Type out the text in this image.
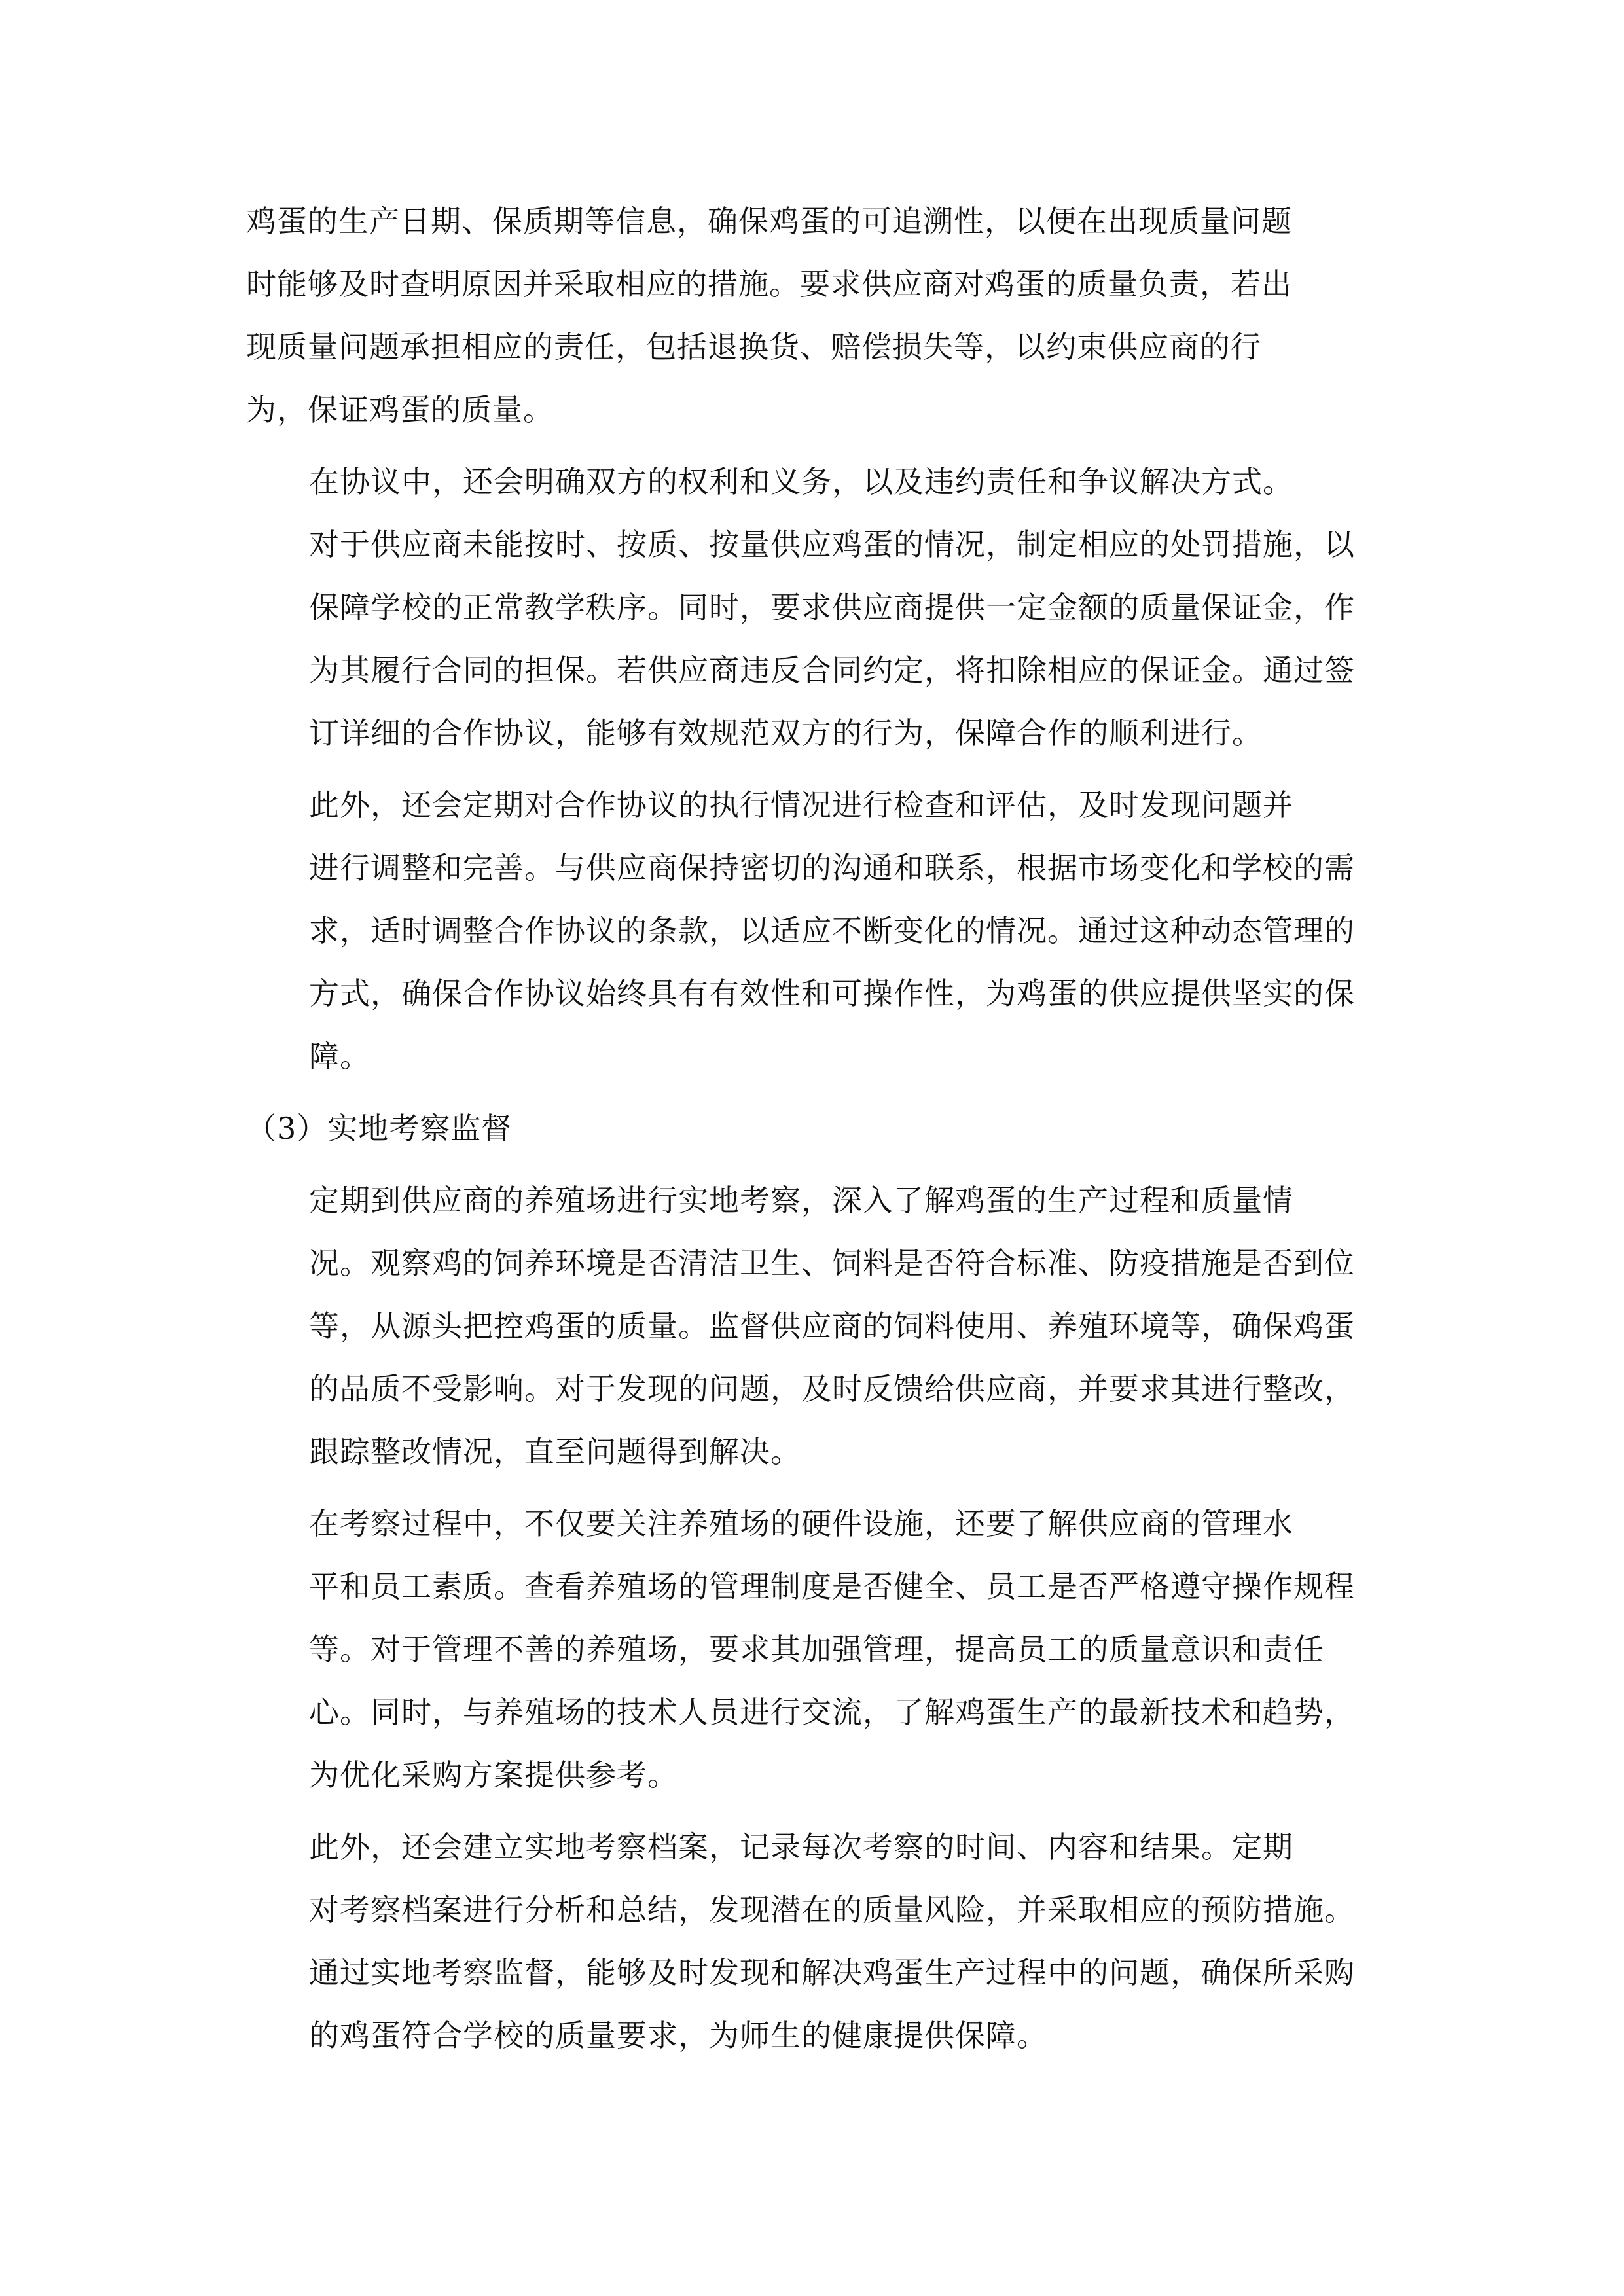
鸡蛋的生产日期、保质期等信息，确保鸡蛋的可追溯性，以便在出现质量问题
时能够及时查明原因并采取相应的措施。要求供应商对鸡蛋的质量负责，若出
现质量问题承担相应的责任，包括退换货、赔偿损失等，以约束供应商的行
为，保证鸡蛋的质量。
在协议中，还会明确双方的权利和义务，以及违约责任和争议解决方式。
对于供应商未能按时、按质、按量供应鸡蛋的情况，制定相应的处罚措施，以
保障学校的正常教学秩序。同时，要求供应商提供一定金额的质量保证金，作
为其履行合同的担保。若供应商违反合同约定，将扣除相应的保证金。通过签
订详细的合作协议，能够有效规范双方的行为，保障合作的顺利进行。
此外，还会定期对合作协议的执行情况进行检查和评估，及时发现问题并
进行调整和完善。与供应商保持密切的沟通和联系，根据市场变化和学校的需
求，适时调整合作协议的条款，以适应不断变化的情况。通过这种动态管理的
方式，确保合作协议始终具有有效性和可操作性，为鸡蛋的供应提供坚实的保
障。
（3）实地考察监督
定期到供应商的养殖场进行实地考察，深入了解鸡蛋的生产过程和质量情
况。观察鸡的饲养环境是否清洁卫生、饲料是否符合标准、防疫措施是否到位
等，从源头把控鸡蛋的质量。监督供应商的饲料使用、养殖环境等，确保鸡蛋
的品质不受影响。对于发现的问题，及时反馈给供应商，并要求其进行整改，
跟踪整改情况，直至问题得到解决。
在考察过程中，不仅要关注养殖场的硬件设施，还要了解供应商的管理水
平和员工素质。查看养殖场的管理制度是否健全、员工是否严格遵守操作规程
等。对于管理不善的养殖场，要求其加强管理，提高员工的质量意识和责任
心。同时，与养殖场的技术人员进行交流，了解鸡蛋生产的最新技术和趋势，
为优化采购方案提供参考。
此外，还会建立实地考察档案，记录每次考察的时间、内容和结果。定期
对考察档案进行分析和总结，发现潜在的质量风险，并采取相应的预防措施。
通过实地考察监督，能够及时发现和解决鸡蛋生产过程中的问题，确保所采购
的鸡蛋符合学校的质量要求，为师生的健康提供保障。
